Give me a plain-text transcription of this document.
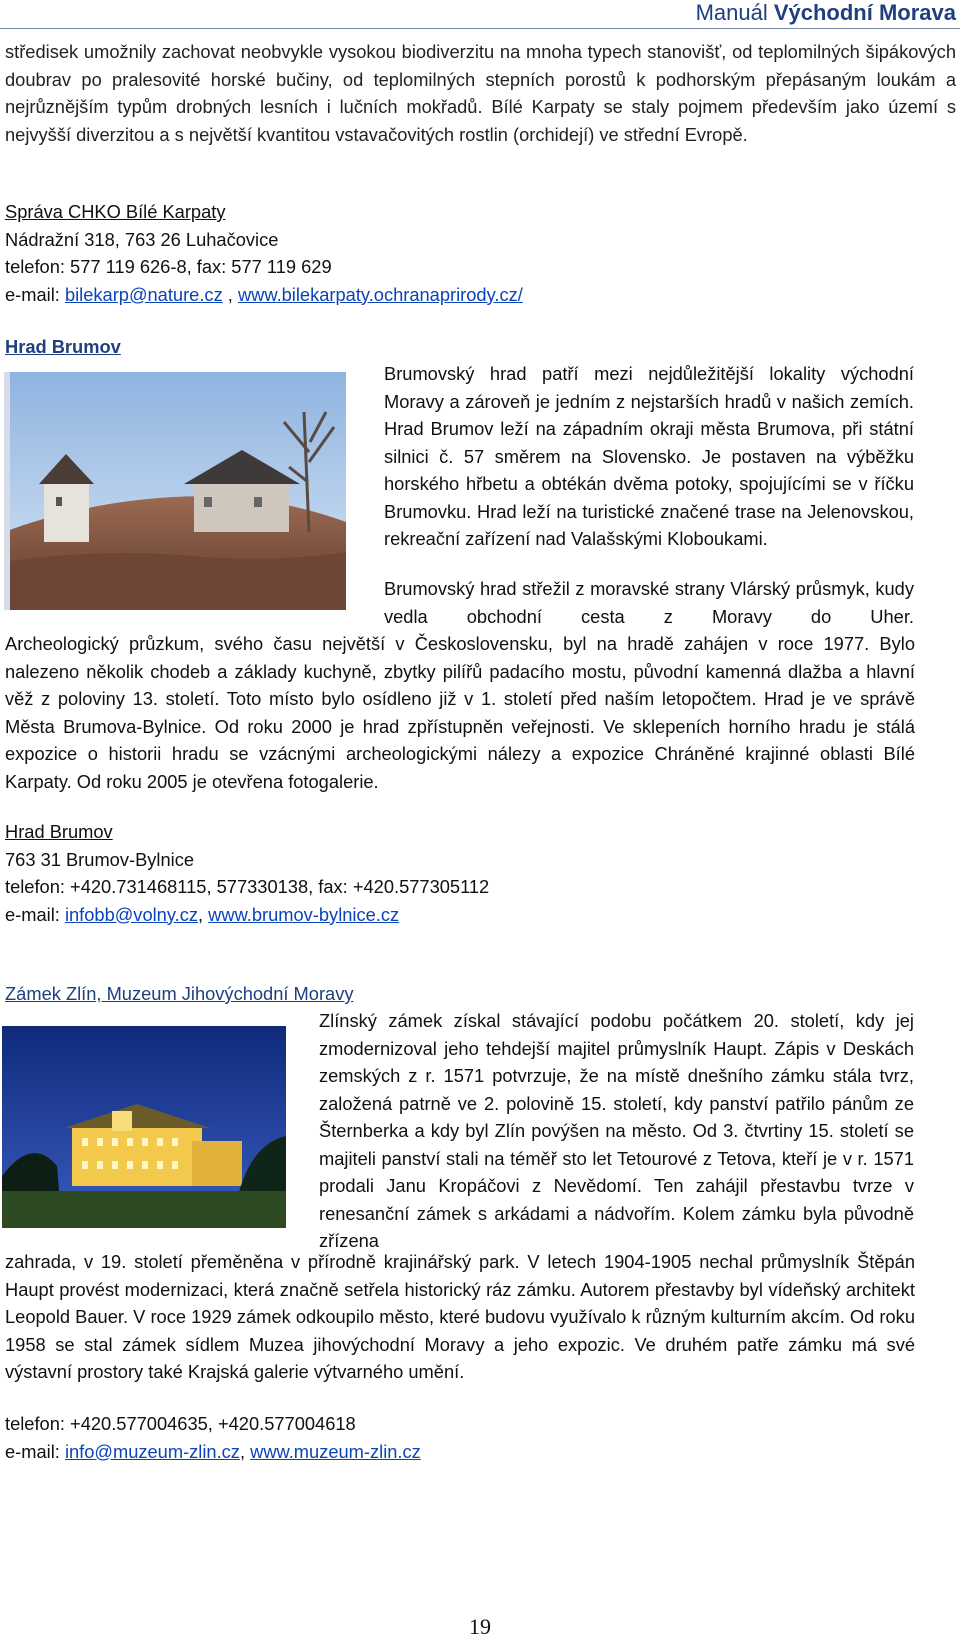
Manuál Východní Morava
středisek umožnily zachovat neobvykle vysokou biodiverzitu na mnoha typech stanovišť, od teplomilných šipákových doubrav po pralesovité horské bučiny, od teplomilných stepních porostů k podhorským přepásaným loukám a nejrůznějším typům drobných lesních i lučních mokřadů. Bílé Karpaty se staly pojmem především jako území s nejvyšší diverzitou a s největší kvantitou vstavačovitých rostlin (orchidejí) ve střední Evropě.
Správa CHKO Bílé Karpaty
Nádražní 318, 763 26 Luhačovice
telefon: 577 119 626-8, fax: 577 119 629
e-mail: bilekarp@nature.cz , www.bilekarpaty.ochranaprirody.cz/
Hrad Brumov
Brumovský hrad patří mezi nejdůležitější lokality východní Moravy a zároveň je jedním z nejstarších hradů v našich zemích. Hrad Brumov leží na západním okraji města Brumova, při státní silnici č. 57 směrem na Slovensko. Je postaven na výběžku horského hřbetu a obtékán dvěma potoky, spojujícími se v říčku Brumovku. Hrad leží na turistické značené trase na Jelenovskou, rekreační zařízení nad Valašskými Kloboukami.
Brumovský hrad střežil z moravské strany Vlárský průsmyk, kudy vedla obchodní cesta z Moravy do Uher.
Archeologický průzkum, svého času největší v Československu, byl na hradě zahájen v roce 1977. Bylo nalezeno několik chodeb a základy kuchyně, zbytky pilířů padacího mostu, původní kamenná dlažba a hlavní věž z poloviny 13. století. Toto místo bylo osídleno již v 1. století před naším letopočtem. Hrad je ve správě Města Brumova-Bylnice. Od roku 2000 je hrad zpřístupněn veřejnosti. Ve sklepeních horního hradu je stálá expozice o historii hradu se vzácnými archeologickými nálezy a expozice Chráněné krajinné oblasti Bílé Karpaty. Od roku 2005 je otevřena fotogalerie.
Hrad Brumov
763 31 Brumov-Bylnice
telefon: +420.731468115, 577330138, fax: +420.577305112
e-mail: infobb@volny.cz, www.brumov-bylnice.cz
Zámek Zlín, Muzeum Jihovýchodní Moravy
Zlínský zámek získal stávající podobu počátkem 20. století, kdy jej zmodernizoval jeho tehdejší majitel průmyslník Haupt. Zápis v Deskách zemských z r. 1571 potvrzuje, že na místě dnešního zámku stála tvrz, založená patrně ve 2. polovině 15. století, kdy panství patřilo pánům ze Šternberka a kdy byl Zlín povýšen na město. Od 3. čtvrtiny 15. století se majiteli panství stali na téměř sto let Tetourové z Tetova, kteří je v r. 1571 prodali Janu Kropáčovi z Nevědomí. Ten zahájil přestavbu tvrze v renesanční zámek s arkádami a nádvořím. Kolem zámku byla původně zřízena
zahrada, v 19. století přeměněna v přírodně krajinářský park. V letech 1904-1905 nechal průmyslník Štěpán Haupt provést modernizaci, která značně setřela historický ráz zámku. Autorem přestavby byl vídeňský architekt Leopold Bauer. V roce 1929 zámek odkoupilo město, které budovu využívalo k různým kulturním akcím. Od roku 1958 se stal zámek sídlem Muzea jihovýchodní Moravy a jeho expozic. Ve druhém patře zámku má své výstavní prostory také Krajská galerie výtvarného umění.
telefon: +420.577004635, +420.577004618
e-mail: info@muzeum-zlin.cz, www.muzeum-zlin.cz
19
